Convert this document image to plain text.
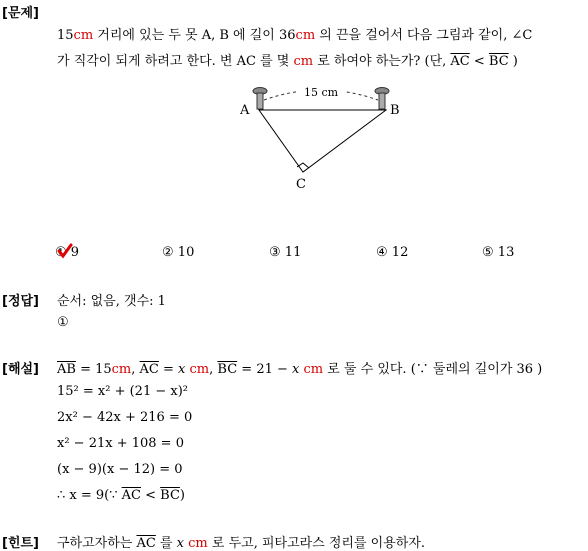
[문제]
15cm 거리에 있는 두 못 A, B 에 길이 36cm 의 끈을 걸어서 다음 그림과 같이, ∠C
가 직각이 되게 하려고 한다. 변 AC 를 몇 cm 로 하여야 하는가? (단, $\overline{AC} < \overline{BC}$ )
15 cm
A	B
C
① 9	② 10	③ 11	④ 12	⑤ 13
[정답] 순서: 없음, 갯수: 1
①
[해설] $\overline{AB} = 15cm$, $\overline{AC} = x$ cm, $\overline{BC} = 21 - x$ cm 로 둘 수 있다. (∵ 둘레의 길이가 36 )
15² = x² + (21 − x)²
2x² − 42x + 216 = 0
x² − 21x + 108 = 0
(x − 9)(x − 12) = 0
∴ x = 9(∵ $\overline{AC} < \overline{BC}$)
[힌트] 구하고자하는 $\overline{AC}$ 를 x cm 로 두고, 피타고라스 정리를 이용하자.
